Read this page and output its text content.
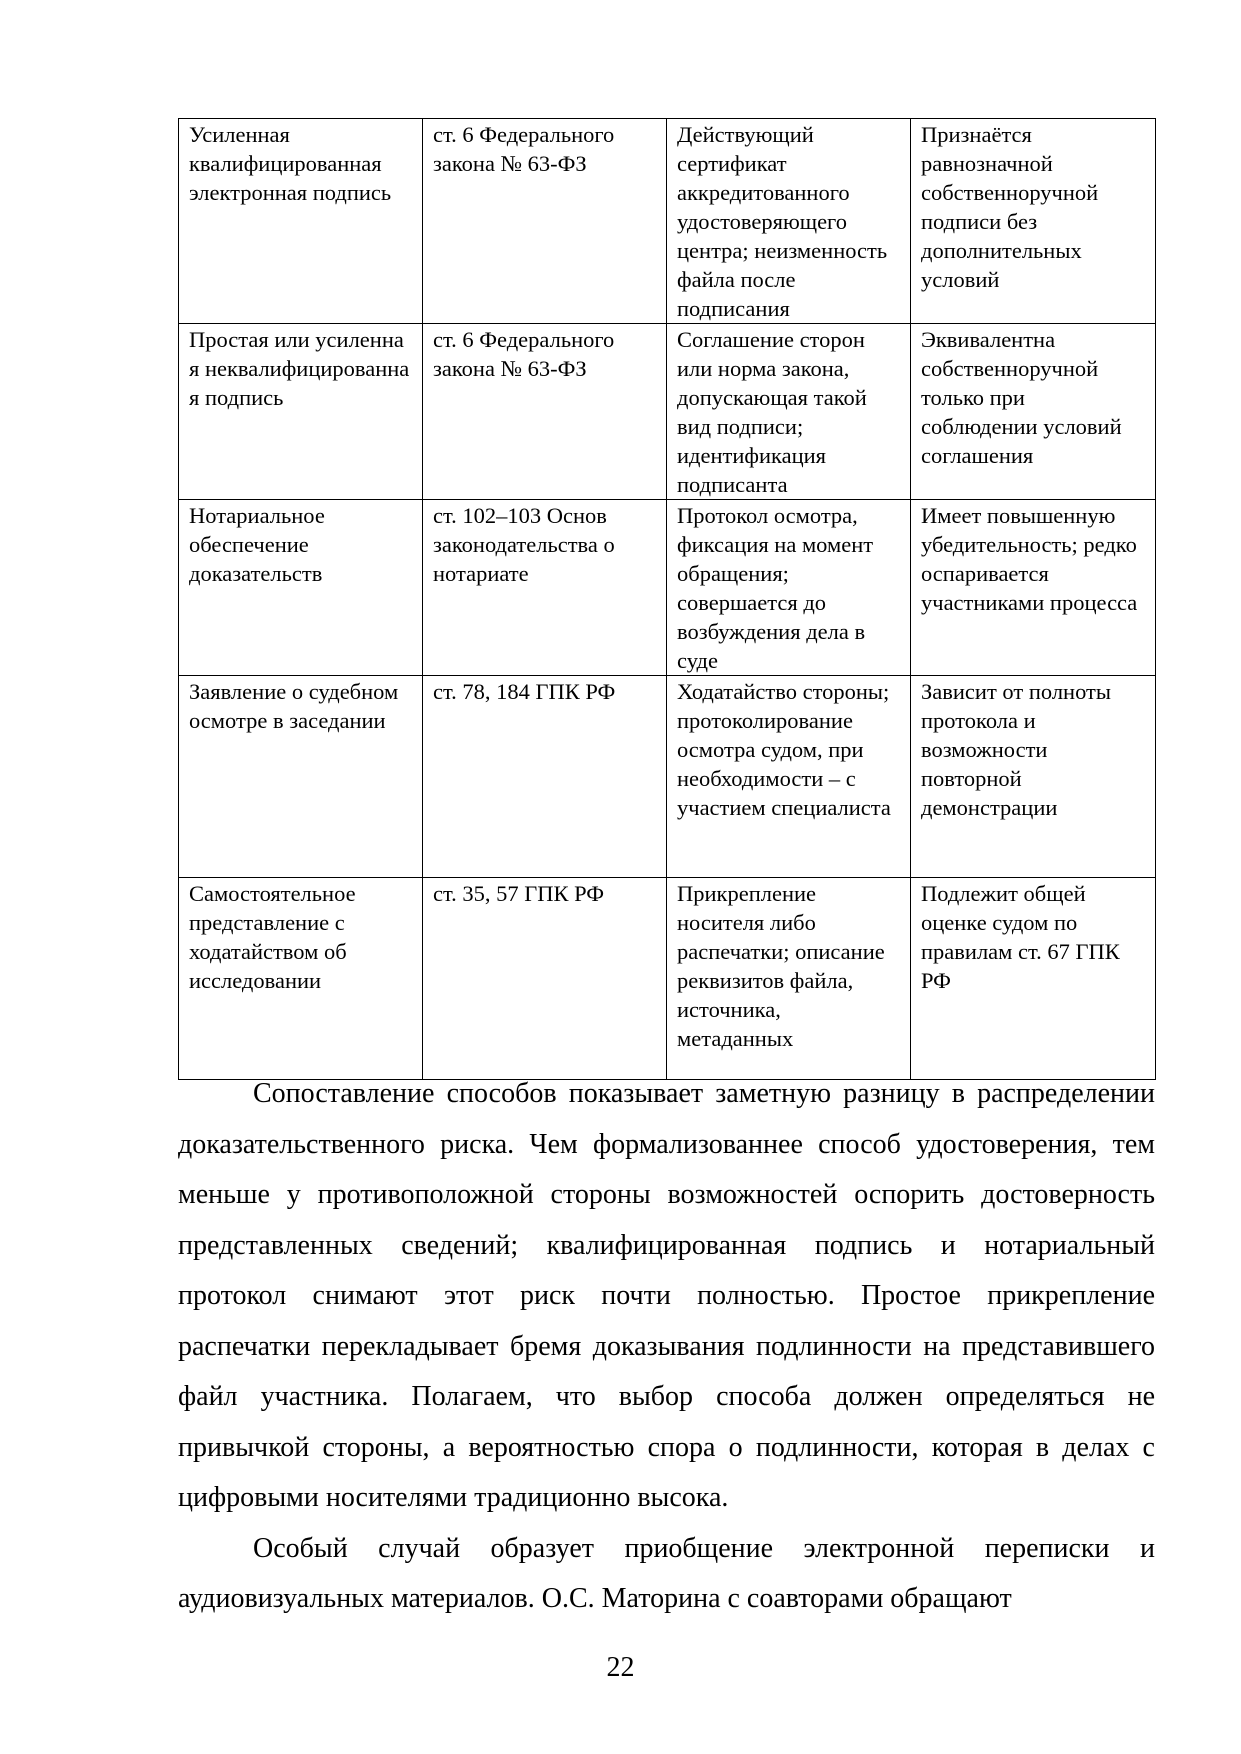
Усиленная квалифицированная электронная подпись	ст. 6 Федерального закона № 63-ФЗ	Действующий сертификат аккредитованного удостоверяющего центра; неизменность файла после подписания	Признаётся равнозначной собственноручной подписи без дополнительных условий
Простая или усиленная неквалифицированная подпись	ст. 6 Федерального закона № 63-ФЗ	Соглашение сторон или норма закона, допускающая такой вид подписи; идентификация подписанта	Эквивалентна собственноручной только при соблюдении условий соглашения
Нотариальное обеспечение доказательств	ст. 102–103 Основ законодательства о нотариате	Протокол осмотра, фиксация на момент обращения; совершается до возбуждения дела в суде	Имеет повышенную убедительность; редко оспаривается участниками процесса
Заявление о судебном осмотре в заседании	ст. 78, 184 ГПК РФ	Ходатайство стороны; протоколирование осмотра судом, при необходимости – с участием специалиста	Зависит от полноты протокола и возможности повторной демонстрации
Самостоятельное представление с ходатайством об исследовании	ст. 35, 57 ГПК РФ	Прикрепление носителя либо распечатки; описание реквизитов файла, источника, метаданных	Подлежит общей оценке судом по правилам ст. 67 ГПК РФ

Сопоставление способов показывает заметную разницу в распределении доказательственного риска. Чем формализованнее способ удостоверения, тем меньше у противоположной стороны возможностей оспорить достоверность представленных сведений; квалифицированная подпись и нотариальный протокол снимают этот риск почти полностью. Простое прикрепление распечатки перекладывает бремя доказывания подлинности на представившего файл участника. Полагаем, что выбор способа должен определяться не привычкой стороны, а вероятностью спора о подлинности, которая в делах с цифровыми носителями традиционно высока.

Особый случай образует приобщение электронной переписки и аудиовизуальных материалов. О.С. Маторина с соавторами обращают

22
